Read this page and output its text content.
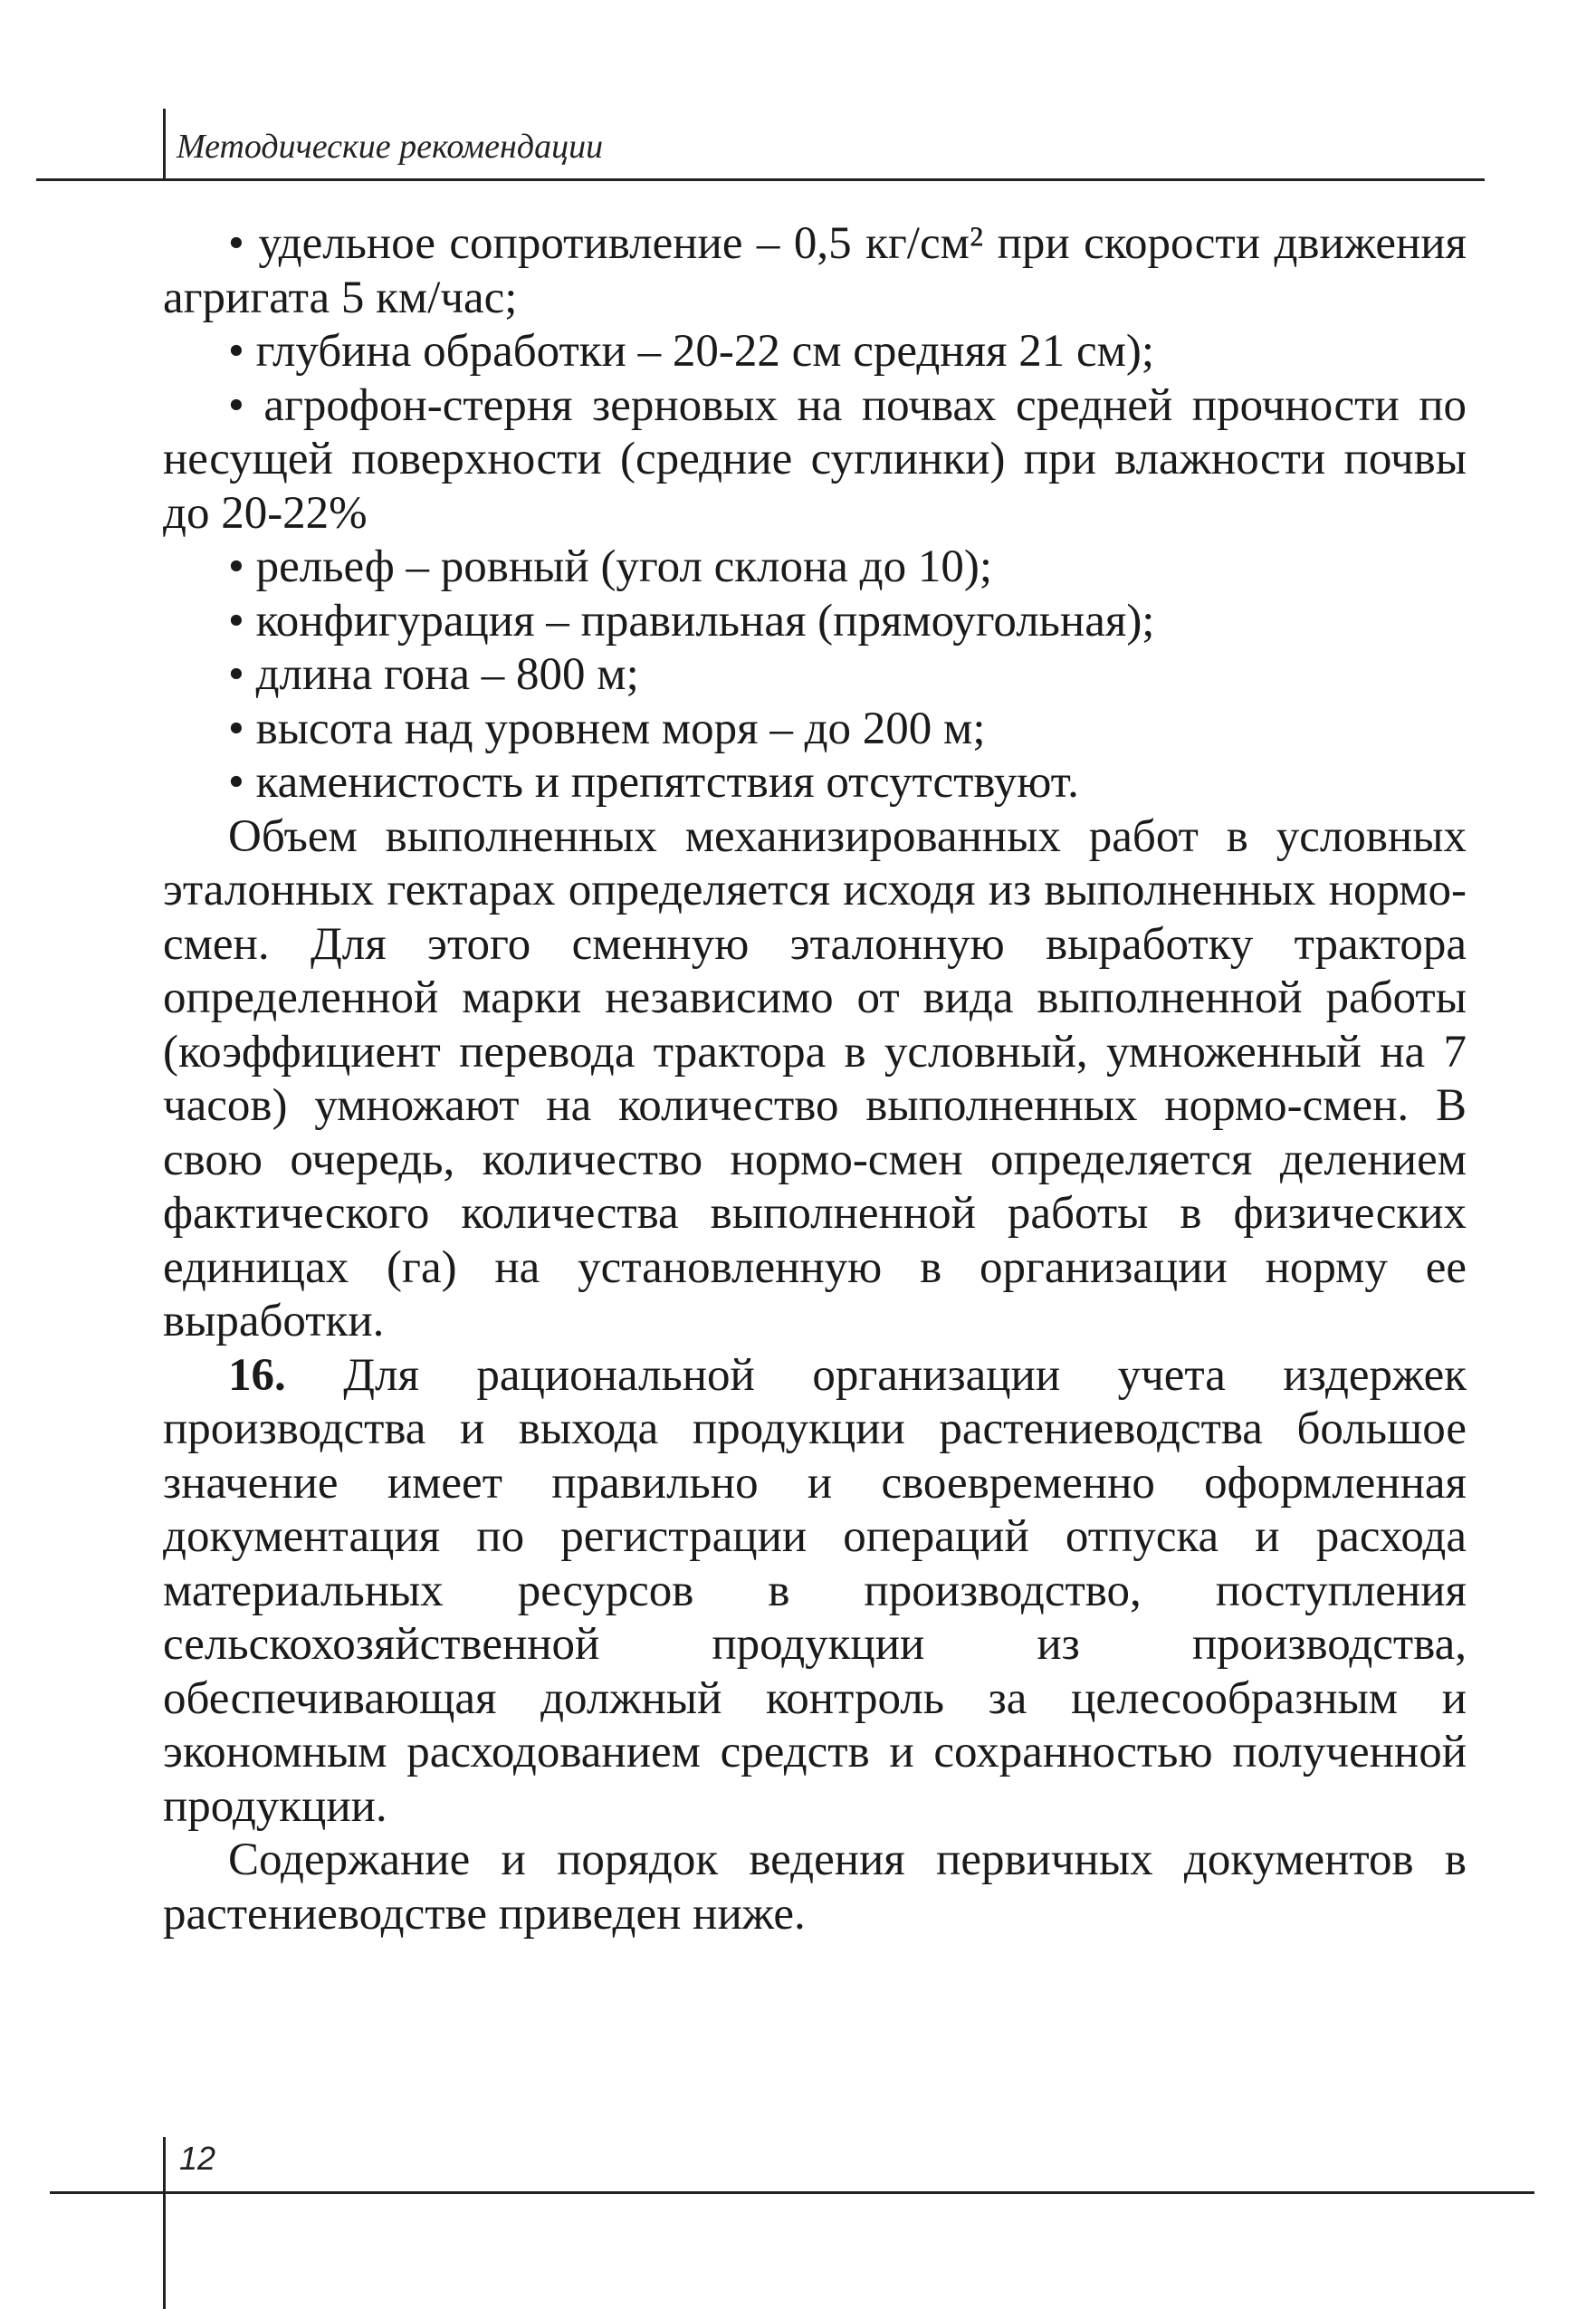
Методические рекомендации

• удельное сопротивление – 0,5 кг/см² при скорости движения агригата 5 км/час;

• глубина обработки – 20-22 см средняя 21 см);

• агрофон-стерня зерновых на почвах средней прочности по несущей поверхности (средние суглинки) при влажности почвы до 20-22%

• рельеф – ровный (угол склона до 10);

• конфигурация – правильная (прямоугольная);

• длина гона – 800 м;

• высота над уровнем моря – до 200 м;

• каменистость и препятствия отсутствуют.

Объем выполненных механизированных работ в условных эталонных гектарах определяется исходя из выполненных нормо-смен. Для этого сменную эталонную выработку трактора определенной марки независимо от вида выполненной работы (коэффициент перевода трактора в условный, умноженный на 7 часов) умножают на количество выполненных нормо-смен. В свою очередь, количество нормо-смен определяется делением фактического количества выполненной работы в физических единицах (га) на установленную в организации норму ее выработки.

16. Для рациональной организации учета издержек производства и выхода продукции растениеводства большое значение имеет правильно и своевременно оформленная документация по регистрации операций отпуска и расхода материальных ресурсов в производство, поступления сельскохозяйственной продукции из производства, обеспечивающая должный контроль за целесообразным и экономным расходованием средств и сохранностью полученной продукции.

Содержание и порядок ведения первичных документов в растениеводстве приведен ниже.

12
